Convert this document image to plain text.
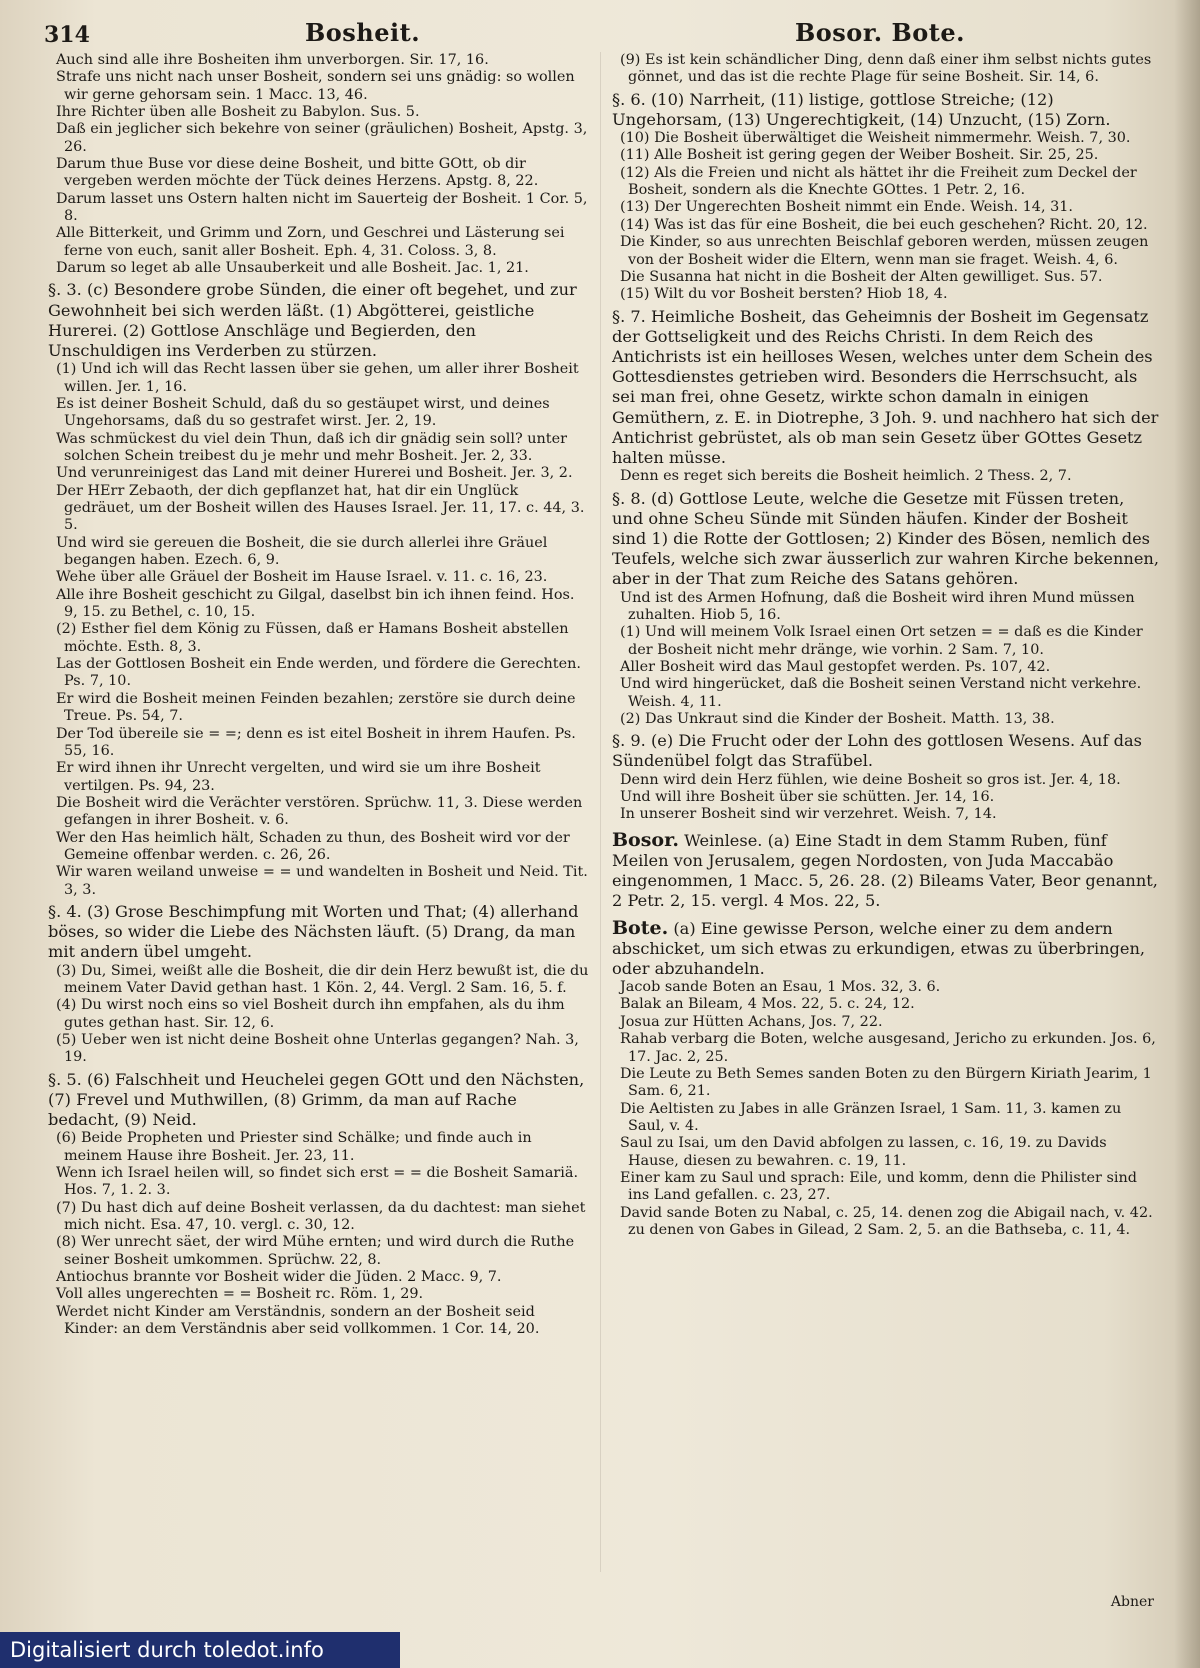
314	Bosheit.	Bosor. Bote.

Auch sind alle ihre Bosheiten ihm unverborgen. Sir. 17, 16.

Strafe uns nicht nach unser Bosheit, sondern sei uns gnädig: so wollen wir gerne gehorsam sein. 1 Macc. 13, 46.

Ihre Richter üben alle Bosheit zu Babylon. Sus. 5.

Daß ein jeglicher sich bekehre von seiner (gräulichen) Bosheit, Apstg. 3, 26.

Darum thue Buse vor diese deine Bosheit, und bitte GOtt, ob dir vergeben werden möchte der Tück deines Herzens. Apstg. 8, 22.

Darum lasset uns Ostern halten nicht im Sauerteig der Bosheit. 1 Cor. 5, 8.

Alle Bitterkeit, und Grimm und Zorn, und Geschrei und Lästerung sei ferne von euch, sanit aller Bosheit. Eph. 4, 31. Coloss. 3, 8.

Darum so leget ab alle Unsauberkeit und alle Bosheit. Jac. 1, 21.

§. 3. (c) Besondere grobe Sünden, die einer oft begehet, und zur Gewohnheit bei sich werden läßt. (1) Abgötterei, geistliche Hurerei. (2) Gottlose Anschläge und Begierden, den Unschuldigen ins Verderben zu stürzen.

(1) Und ich will das Recht lassen über sie gehen, um aller ihrer Bosheit willen. Jer. 1, 16.

Es ist deiner Bosheit Schuld, daß du so gestäupet wirst, und deines Ungehorsams, daß du so gestrafet wirst. Jer. 2, 19.

Was schmückest du viel dein Thun, daß ich dir gnädig sein soll? unter solchen Schein treibest du je mehr und mehr Bosheit. Jer. 2, 33.

Und verunreinigest das Land mit deiner Hurerei und Bosheit. Jer. 3, 2.

Der HErr Zebaoth, der dich gepflanzet hat, hat dir ein Unglück gedräuet, um der Bosheit willen des Hauses Israel. Jer. 11, 17. c. 44, 3. 5.

Und wird sie gereuen die Bosheit, die sie durch allerlei ihre Gräuel begangen haben. Ezech. 6, 9.

Wehe über alle Gräuel der Bosheit im Hause Israel. v. 11. c. 16, 23.

Alle ihre Bosheit geschicht zu Gilgal, daselbst bin ich ihnen feind. Hos. 9, 15. zu Bethel, c. 10, 15.

(2) Esther fiel dem König zu Füssen, daß er Hamans Bosheit abstellen möchte. Esth. 8, 3.

Las der Gottlosen Bosheit ein Ende werden, und fördere die Gerechten. Ps. 7, 10.

Er wird die Bosheit meinen Feinden bezahlen; zerstöre sie durch deine Treue. Ps. 54, 7.

Der Tod übereile sie = =; denn es ist eitel Bosheit in ihrem Haufen. Ps. 55, 16.

Er wird ihnen ihr Unrecht vergelten, und wird sie um ihre Bosheit vertilgen. Ps. 94, 23.

Die Bosheit wird die Verächter verstören. Sprüchw. 11, 3. Diese werden gefangen in ihrer Bosheit. v. 6.

Wer den Has heimlich hält, Schaden zu thun, des Bosheit wird vor der Gemeine offenbar werden. c. 26, 26.

Wir waren weiland unweise = = und wandelten in Bosheit und Neid. Tit. 3, 3.

§. 4. (3) Grose Beschimpfung mit Worten und That; (4) allerhand böses, so wider die Liebe des Nächsten läuft. (5) Drang, da man mit andern übel umgeht.

(3) Du, Simei, weißt alle die Bosheit, die dir dein Herz bewußt ist, die du meinem Vater David gethan hast. 1 Kön. 2, 44. Vergl. 2 Sam. 16, 5. f.

(4) Du wirst noch eins so viel Bosheit durch ihn empfahen, als du ihm gutes gethan hast. Sir. 12, 6.

(5) Ueber wen ist nicht deine Bosheit ohne Unterlas gegangen? Nah. 3, 19.

§. 5. (6) Falschheit und Heuchelei gegen GOtt und den Nächsten, (7) Frevel und Muthwillen, (8) Grimm, da man auf Rache bedacht, (9) Neid.

(6) Beide Propheten und Priester sind Schälke; und finde auch in meinem Hause ihre Bosheit. Jer. 23, 11.

Wenn ich Israel heilen will, so findet sich erst = = die Bosheit Samariä. Hos. 7, 1. 2. 3.

(7) Du hast dich auf deine Bosheit verlassen, da du dachtest: man siehet mich nicht. Esa. 47, 10. vergl. c. 30, 12.

(8) Wer unrecht säet, der wird Mühe ernten; und wird durch die Ruthe seiner Bosheit umkommen. Sprüchw. 22, 8.

Antiochus brannte vor Bosheit wider die Jüden. 2 Macc. 9, 7.

Voll alles ungerechten = = Bosheit rc. Röm. 1, 29.

Werdet nicht Kinder am Verständnis, sondern an der Bosheit seid Kinder: an dem Verständnis aber seid vollkommen. 1 Cor. 14, 20.

(9) Es ist kein schändlicher Ding, denn daß einer ihm selbst nichts gutes gönnet, und das ist die rechte Plage für seine Bosheit. Sir. 14, 6.

§. 6. (10) Narrheit, (11) listige, gottlose Streiche; (12) Ungehorsam, (13) Ungerechtigkeit, (14) Unzucht, (15) Zorn.

(10) Die Bosheit überwältiget die Weisheit nimmermehr. Weish. 7, 30.

(11) Alle Bosheit ist gering gegen der Weiber Bosheit. Sir. 25, 25.

(12) Als die Freien und nicht als hättet ihr die Freiheit zum Deckel der Bosheit, sondern als die Knechte GOttes. 1 Petr. 2, 16.

(13) Der Ungerechten Bosheit nimmt ein Ende. Weish. 14, 31.

(14) Was ist das für eine Bosheit, die bei euch geschehen? Richt. 20, 12.

Die Kinder, so aus unrechten Beischlaf geboren werden, müssen zeugen von der Bosheit wider die Eltern, wenn man sie fraget. Weish. 4, 6.

Die Susanna hat nicht in die Bosheit der Alten gewilliget. Sus. 57.

(15) Wilt du vor Bosheit bersten? Hiob 18, 4.

§. 7. Heimliche Bosheit, das Geheimnis der Bosheit im Gegensatz der Gottseligkeit und des Reichs Christi. In dem Reich des Antichrists ist ein heilloses Wesen, welches unter dem Schein des Gottesdienstes getrieben wird. Besonders die Herrschsucht, als sei man frei, ohne Gesetz, wirkte schon damaln in einigen Gemüthern, z. E. in Diotrephe, 3 Joh. 9. und nachhero hat sich der Antichrist gebrüstet, als ob man sein Gesetz über GOttes Gesetz halten müsse.

Denn es reget sich bereits die Bosheit heimlich. 2 Thess. 2, 7.

§. 8. (d) Gottlose Leute, welche die Gesetze mit Füssen treten, und ohne Scheu Sünde mit Sünden häufen. Kinder der Bosheit sind 1) die Rotte der Gottlosen; 2) Kinder des Bösen, nemlich des Teufels, welche sich zwar äusserlich zur wahren Kirche bekennen, aber in der That zum Reiche des Satans gehören.

Und ist des Armen Hofnung, daß die Bosheit wird ihren Mund müssen zuhalten. Hiob 5, 16.

(1) Und will meinem Volk Israel einen Ort setzen = = daß es die Kinder der Bosheit nicht mehr dränge, wie vorhin. 2 Sam. 7, 10.

Aller Bosheit wird das Maul gestopfet werden. Ps. 107, 42.

Und wird hingerücket, daß die Bosheit seinen Verstand nicht verkehre. Weish. 4, 11.

(2) Das Unkraut sind die Kinder der Bosheit. Matth. 13, 38.

§. 9. (e) Die Frucht oder der Lohn des gottlosen Wesens. Auf das Sündenübel folgt das Strafübel.

Denn wird dein Herz fühlen, wie deine Bosheit so gros ist. Jer. 4, 18.

Und will ihre Bosheit über sie schütten. Jer. 14, 16.

In unserer Bosheit sind wir verzehret. Weish. 7, 14.

Bosor. Weinlese. (a) Eine Stadt in dem Stamm Ruben, fünf Meilen von Jerusalem, gegen Nordosten, von Juda Maccabäo eingenommen, 1 Macc. 5, 26. 28. (2) Bileams Vater, Beor genannt, 2 Petr. 2, 15. vergl. 4 Mos. 22, 5.

Bote. (a) Eine gewisse Person, welche einer zu dem andern abschicket, um sich etwas zu erkundigen, etwas zu überbringen, oder abzuhandeln.

Jacob sande Boten an Esau, 1 Mos. 32, 3. 6.

Balak an Bileam, 4 Mos. 22, 5. c. 24, 12.

Josua zur Hütten Achans, Jos. 7, 22.

Rahab verbarg die Boten, welche ausgesand, Jericho zu erkunden. Jos. 6, 17. Jac. 2, 25.

Die Leute zu Beth Semes sanden Boten zu den Bürgern Kiriath Jearim, 1 Sam. 6, 21.

Die Aeltisten zu Jabes in alle Gränzen Israel, 1 Sam. 11, 3. kamen zu Saul, v. 4.

Saul zu Isai, um den David abfolgen zu lassen, c. 16, 19. zu Davids Hause, diesen zu bewahren. c. 19, 11.

Einer kam zu Saul und sprach: Eile, und komm, denn die Philister sind ins Land gefallen. c. 23, 27.

David sande Boten zu Nabal, c. 25, 14. denen zog die Abigail nach, v. 42. zu denen von Gabes in Gilead, 2 Sam. 2, 5. an die Bathseba, c. 11, 4.

Abner
Digitalisiert durch toledot.info
